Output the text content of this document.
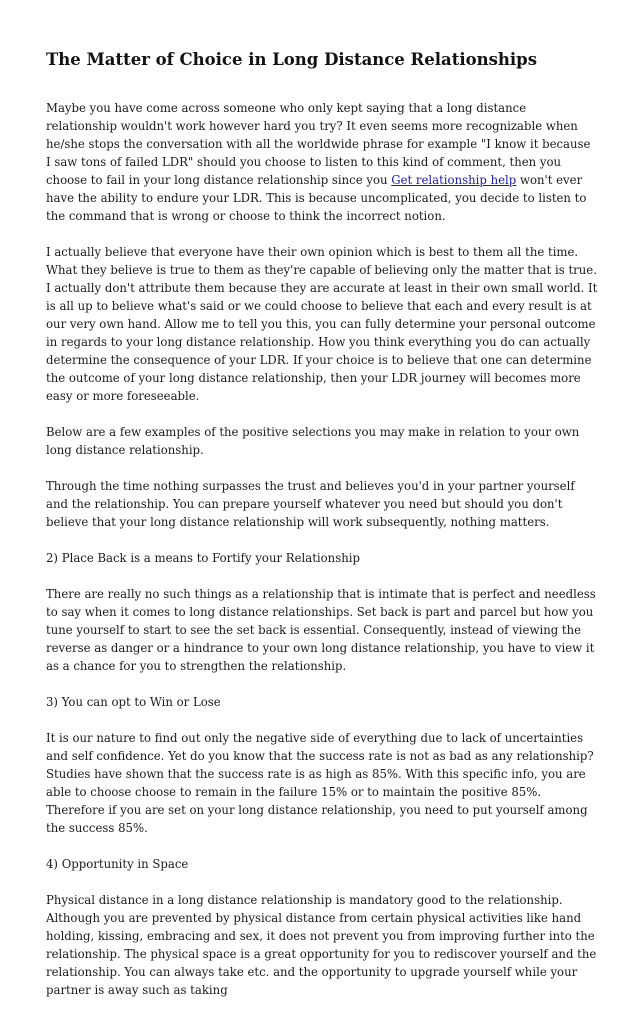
The Matter of Choice in Long Distance Relationships

Maybe you have come across someone who only kept saying that a long distance relationship wouldn't work however hard you try? It even seems more recognizable when he/she stops the conversation with all the worldwide phrase for example "I know it because I saw tons of failed LDR" should you choose to listen to this kind of comment, then you choose to fail in your long distance relationship since you Get relationship help won't ever have the ability to endure your LDR. This is because uncomplicated, you decide to listen to the command that is wrong or choose to think the incorrect notion.

I actually believe that everyone have their own opinion which is best to them all the time. What they believe is true to them as they're capable of believing only the matter that is true. I actually don't attribute them because they are accurate at least in their own small world. It is all up to believe what's said or we could choose to believe that each and every result is at our very own hand. Allow me to tell you this, you can fully determine your personal outcome in regards to your long distance relationship. How you think everything you do can actually determine the consequence of your LDR. If your choice is to believe that one can determine the outcome of your long distance relationship, then your LDR journey will becomes more easy or more foreseeable.

Below are a few examples of the positive selections you may make in relation to your own long distance relationship.

Through the time nothing surpasses the trust and believes you'd in your partner yourself and the relationship. You can prepare yourself whatever you need but should you don't believe that your long distance relationship will work subsequently, nothing matters.

2) Place Back is a means to Fortify your Relationship

There are really no such things as a relationship that is intimate that is perfect and needless to say when it comes to long distance relationships. Set back is part and parcel but how you tune yourself to start to see the set back is essential. Consequently, instead of viewing the reverse as danger or a hindrance to your own long distance relationship, you have to view it as a chance for you to strengthen the relationship.

3) You can opt to Win or Lose

It is our nature to find out only the negative side of everything due to lack of uncertainties and self confidence. Yet do you know that the success rate is not as bad as any relationship? Studies have shown that the success rate is as high as 85%. With this specific info, you are able to choose choose to remain in the failure 15% or to maintain the positive 85%. Therefore if you are set on your long distance relationship, you need to put yourself among the success 85%.

4) Opportunity in Space

Physical distance in a long distance relationship is mandatory good to the relationship. Although you are prevented by physical distance from certain physical activities like hand holding, kissing, embracing and sex, it does not prevent you from improving further into the relationship. The physical space is a great opportunity for you to rediscover yourself and the relationship. You can always take etc. and the opportunity to upgrade yourself while your partner is away such as taking
